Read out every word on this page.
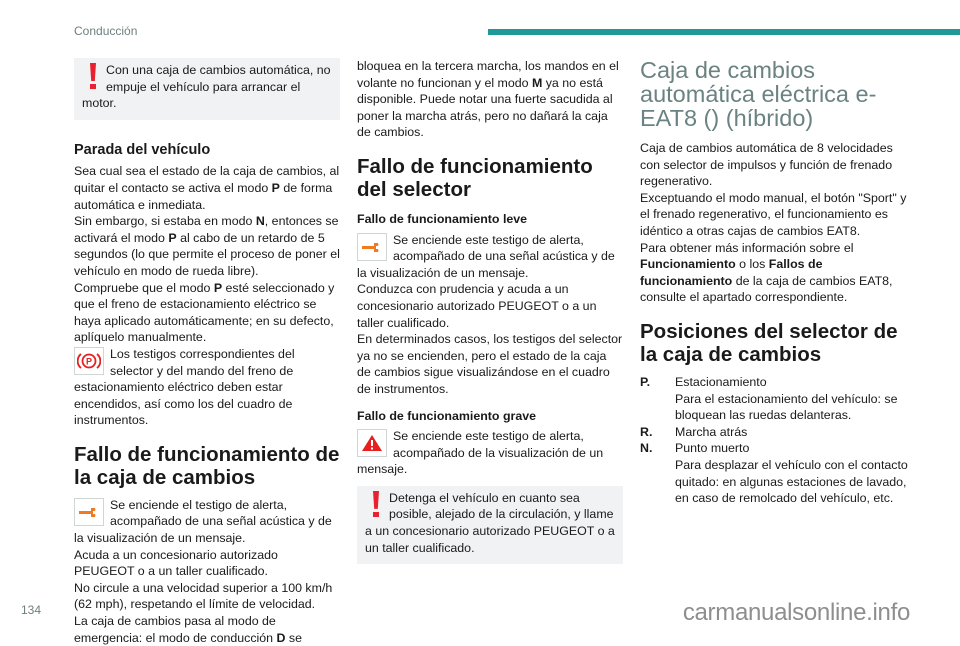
Conducción

Con una caja de cambios automática, no empuje el vehículo para arrancar el motor.

Parada del vehículo

Sea cual sea el estado de la caja de cambios, al quitar el contacto se activa el modo P de forma automática e inmediata.

Sin embargo, si estaba en modo N, entonces se activará el modo P al cabo de un retardo de 5 segundos (lo que permite el proceso de poner el vehículo en modo de rueda libre).

Compruebe que el modo P esté seleccionado y que el freno de estacionamiento eléctrico se haya aplicado automáticamente; en su defecto, aplíquelo manualmente.

P

Los testigos correspondientes del selector y del mando del freno de estacionamiento eléctrico deben estar encendidos, así como los del cuadro de instrumentos.

Fallo de funcionamiento de la caja de cambios

Se enciende el testigo de alerta, acompañado de una señal acústica y de la visualización de un mensaje.

Acuda a un concesionario autorizado PEUGEOT o a un taller cualificado.

No circule a una velocidad superior a 100 km/h (62 mph), respetando el límite de velocidad.

La caja de cambios pasa al modo de emergencia: el modo de conducción D se

bloquea en la tercera marcha, los mandos en el volante no funcionan y el modo M ya no está disponible. Puede notar una fuerte sacudida al poner la marcha atrás, pero no dañará la caja de cambios.

Fallo de funcionamiento del selector
Fallo de funcionamiento leve

Se enciende este testigo de alerta, acompañado de una señal acústica y de la visualización de un mensaje.

Conduzca con prudencia y acuda a un concesionario autorizado PEUGEOT o a un taller cualificado.

En determinados casos, los testigos del selector ya no se encienden, pero el estado de la caja de cambios sigue visualizándose en el cuadro de instrumentos.

Fallo de funcionamiento grave

Se enciende este testigo de alerta, acompañado de la visualización de un mensaje.

Detenga el vehículo en cuanto sea posible, alejado de la circulación, y llame a un concesionario autorizado PEUGEOT o a un taller cualificado.

Caja de cambios automática eléctrica e-EAT8 () (híbrido)

Caja de cambios automática de 8 velocidades con selector de impulsos y función de frenado regenerativo.

Exceptuando el modo manual, el botón "Sport" y el frenado regenerativo, el funcionamiento es idéntico a otras cajas de cambios EAT8.

Para obtener más información sobre el Funcionamiento o los Fallos de funcionamiento de la caja de cambios EAT8, consulte el apartado correspondiente.

Posiciones del selector de la caja de cambios
P.	Estacionamiento
Para el estacionamiento del vehículo: se bloquean las ruedas delanteras.
R.	Marcha atrás
N.	Punto muerto
Para desplazar el vehículo con el contacto quitado: en algunas estaciones de lavado, en caso de remolcado del vehículo, etc.
134	carmanualsonline.info
